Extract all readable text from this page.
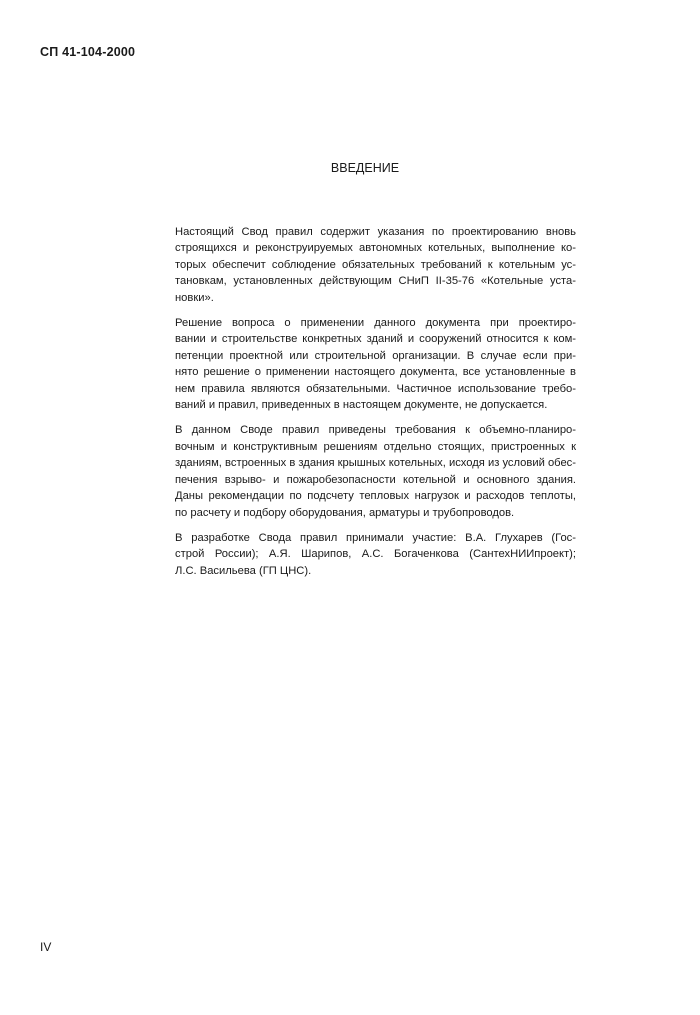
СП 41-104-2000
ВВЕДЕНИЕ

Настоящий Свод правил содержит указания по проектированию вновь
строящихся и реконструируемых автономных котельных, выполнение ко-
торых обеспечит соблюдение обязательных требований к котельным ус-
тановкам, установленных действующим СНиП II-35-76 «Котельные уста-
новки».

Решение вопроса о применении данного документа при проектиро-
вании и строительстве конкретных зданий и сооружений относится к ком-
петенции проектной или строительной организации. В случае если при-
нято решение о применении настоящего документа, все установленные в
нем правила являются обязательными. Частичное использование требо-
ваний и правил, приведенных в настоящем документе, не допускается.

В данном Своде правил приведены требования к объемно-планиро-
вочным и конструктивным решениям отдельно стоящих, пристроенных к
зданиям, встроенных в здания крышных котельных, исходя из условий обес-
печения взрыво- и пожаробезопасности котельной и основного здания.
Даны рекомендации по подсчету тепловых нагрузок и расходов теплоты,
по расчету и подбору оборудования, арматуры и трубопроводов.

В разработке Свода правил принимали участие: В.А. Глухарев (Гос-
строй России); А.Я. Шарипов, А.С. Богаченкова (СантехНИИпроект);
Л.С. Васильева (ГП ЦНС).

IV
